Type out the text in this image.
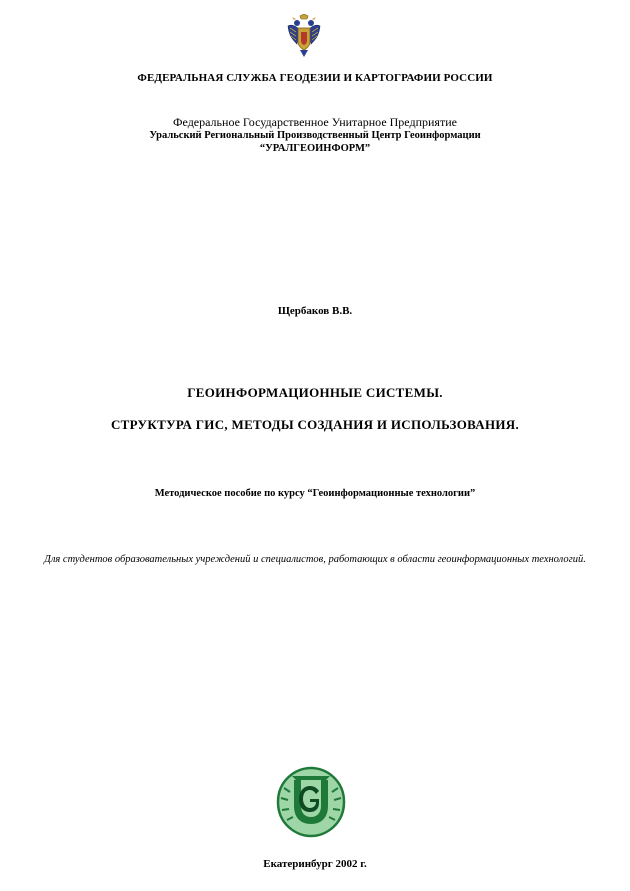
ФЕДЕРАЛЬНАЯ СЛУЖБА ГЕОДЕЗИИ И КАРТОГРАФИИ РОССИИ
Федеральное Государственное Унитарное Предприятие
Уральский Региональный Производственный Центр Геоинформации
“УРАЛГЕОИНФОРМ”
Щербаков В.В.
ГЕОИНФОРМАЦИОННЫЕ СИСТЕМЫ.
СТРУКТУРА ГИС, МЕТОДЫ СОЗДАНИЯ И ИСПОЛЬЗОВАНИЯ.
Методическое пособие по курсу “Геоинформационные технологии”
Для студентов образовательных учреждений и специалистов, работающих в области геоинформационных технологий.
Екатеринбург 2002 г.
